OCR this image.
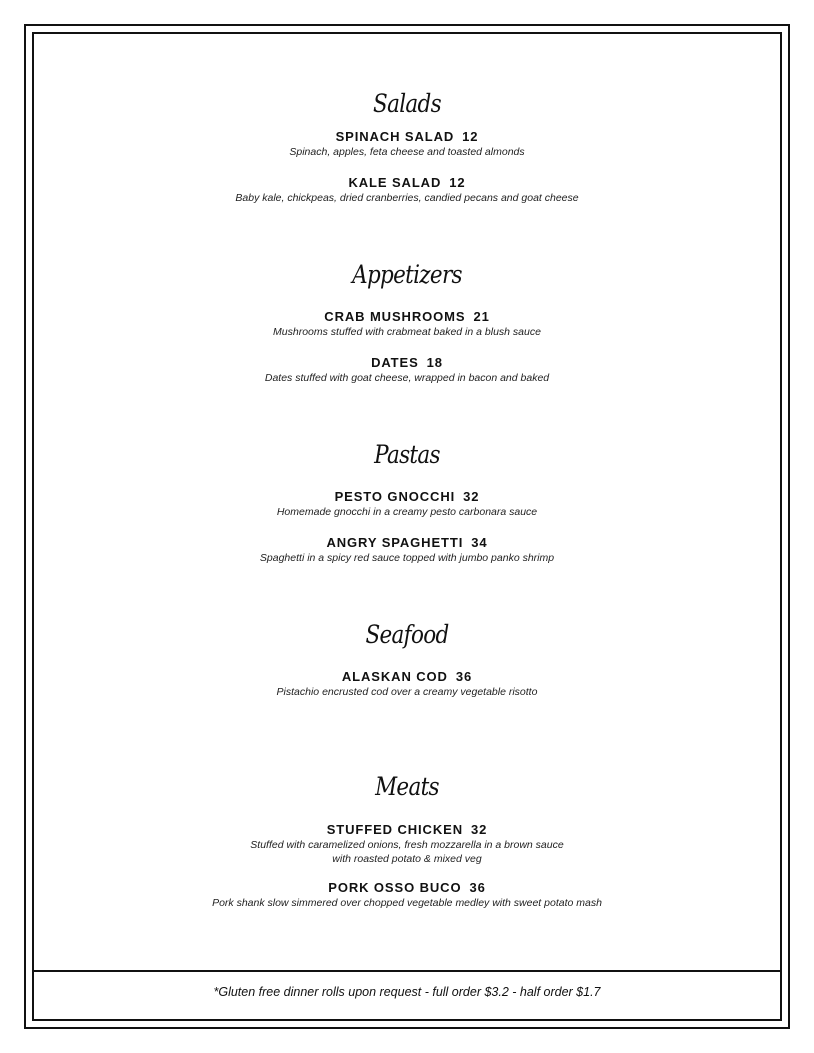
Salads
SPINACH SALAD 12
Spinach, apples, feta cheese and toasted almonds
KALE SALAD 12
Baby kale, chickpeas, dried cranberries, candied pecans and goat cheese
Appetizers
CRAB MUSHROOMS 21
Mushrooms stuffed with crabmeat baked in a blush sauce
DATES 18
Dates stuffed with goat cheese, wrapped in bacon and baked
Pastas
PESTO GNOCCHI 32
Homemade gnocchi in a creamy pesto carbonara sauce
ANGRY SPAGHETTI 34
Spaghetti in a spicy red sauce topped with jumbo panko shrimp
Seafood
ALASKAN COD 36
Pistachio encrusted cod over a creamy vegetable risotto
Meats
STUFFED CHICKEN 32
Stuffed with caramelized onions, fresh mozzarella in a brown sauce
with roasted potato & mixed veg
PORK OSSO BUCO 36
Pork shank slow simmered over chopped vegetable medley with sweet potato mash
*Gluten free dinner rolls upon request - full order $3.2 - half order $1.7
